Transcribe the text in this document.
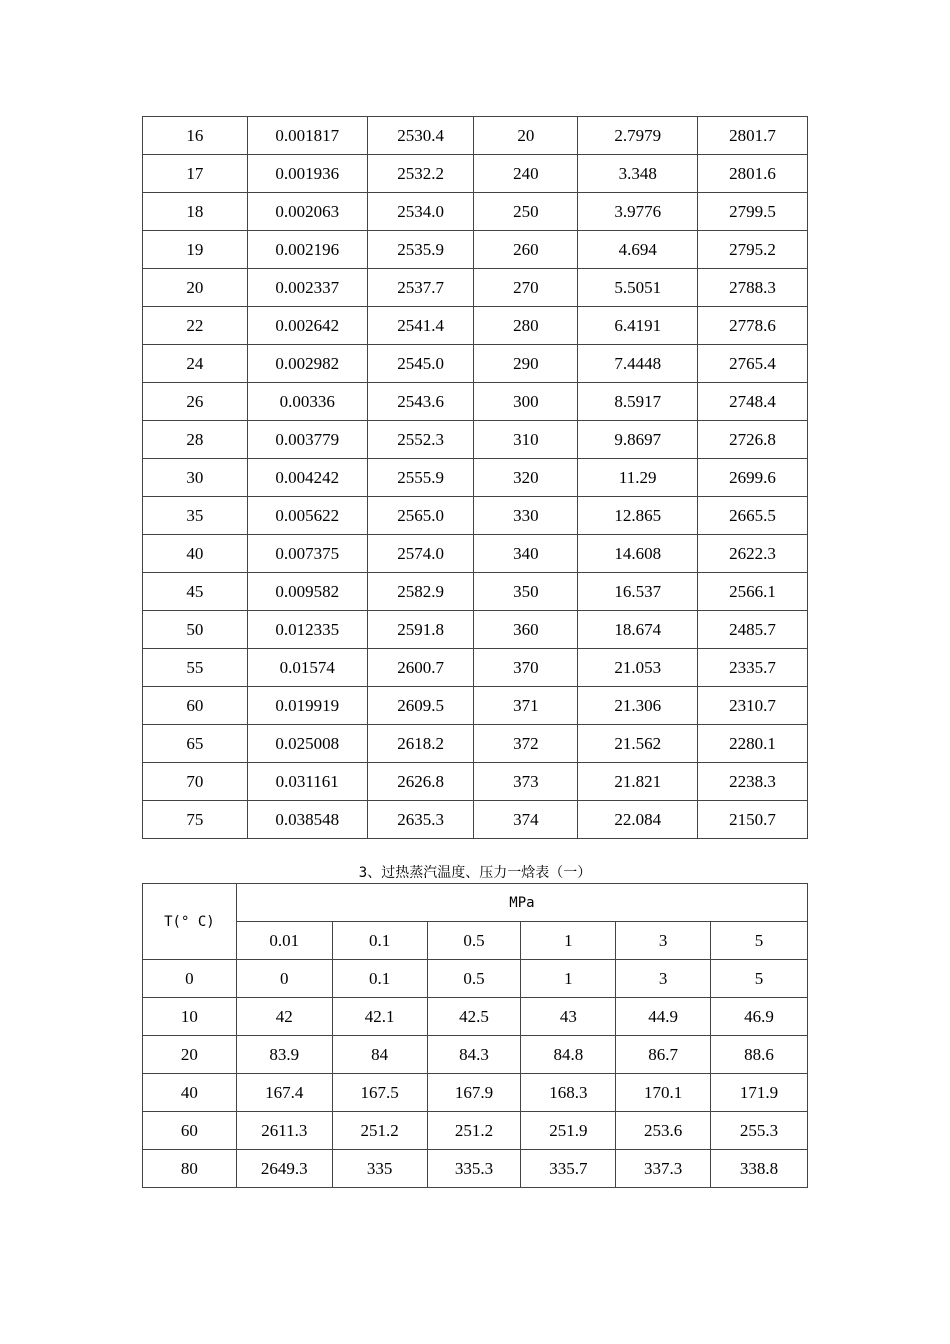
16	0.001817	2530.4	20	2.7979	2801.7
17	0.001936	2532.2	240	3.348	2801.6
18	0.002063	2534.0	250	3.9776	2799.5
19	0.002196	2535.9	260	4.694	2795.2
20	0.002337	2537.7	270	5.5051	2788.3
22	0.002642	2541.4	280	6.4191	2778.6
24	0.002982	2545.0	290	7.4448	2765.4
26	0.00336	2543.6	300	8.5917	2748.4
28	0.003779	2552.3	310	9.8697	2726.8
30	0.004242	2555.9	320	11.29	2699.6
35	0.005622	2565.0	330	12.865	2665.5
40	0.007375	2574.0	340	14.608	2622.3
45	0.009582	2582.9	350	16.537	2566.1
50	0.012335	2591.8	360	18.674	2485.7
55	0.01574	2600.7	370	21.053	2335.7
60	0.019919	2609.5	371	21.306	2310.7
65	0.025008	2618.2	372	21.562	2280.1
70	0.031161	2626.8	373	21.821	2238.3
75	0.038548	2635.3	374	22.084	2150.7
3、过热蒸汽温度、压力一焓表（一）
T(° C)	MPa					
	0.01	0.1	0.5	1	3	5
0	0	0.1	0.5	1	3	5
10	42	42.1	42.5	43	44.9	46.9
20	83.9	84	84.3	84.8	86.7	88.6
40	167.4	167.5	167.9	168.3	170.1	171.9
60	2611.3	251.2	251.2	251.9	253.6	255.3
80	2649.3	335	335.3	335.7	337.3	338.8
